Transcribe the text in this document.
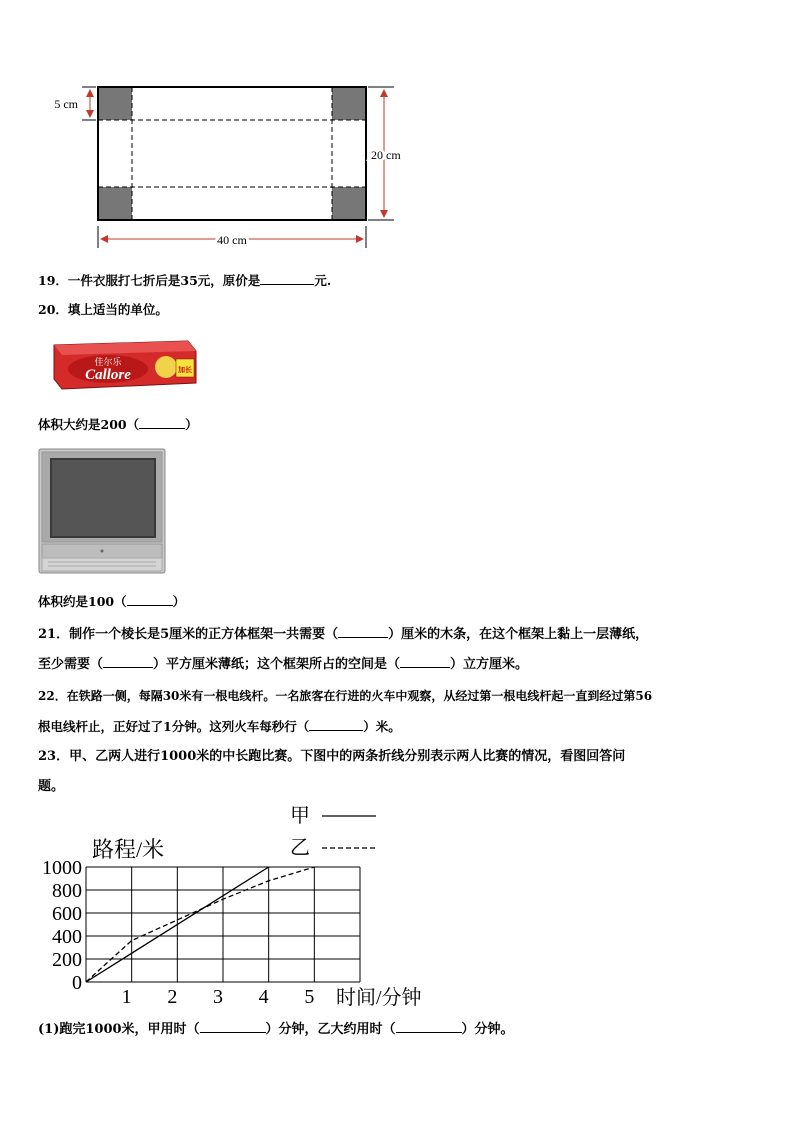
5 cm
20 cm
40 cm
19．一件衣服打七折后是35元，原价是	元.
20．填上适当的单位。
佳尔乐
Callore	加长
体积大约是200（	）
体积约是100（	）
21．制作一个棱长是5厘米的正方体框架一共需要（	）厘米的木条，在这个框架上黏上一层薄纸，
至少需要（	）平方厘米薄纸；这个框架所占的空间是（	）立方厘米。
22．在铁路一侧，每隔30米有一根电线杆。一名旅客在行进的火车中观察，从经过第一根电线杆起一直到经过第56
根电线杆止，正好过了1分钟。这列火车每秒行（	）米。
23．甲、乙两人进行1000米的中长跑比赛。下图中的两条折线分别表示两人比赛的情况，看图回答问
题。
0
200
400
600
800
1000
1 2 3 4 5
甲
乙
路程/米
时间/分钟
(1)跑完1000米，甲用时（	）分钟，乙大约用时（	）分钟。
